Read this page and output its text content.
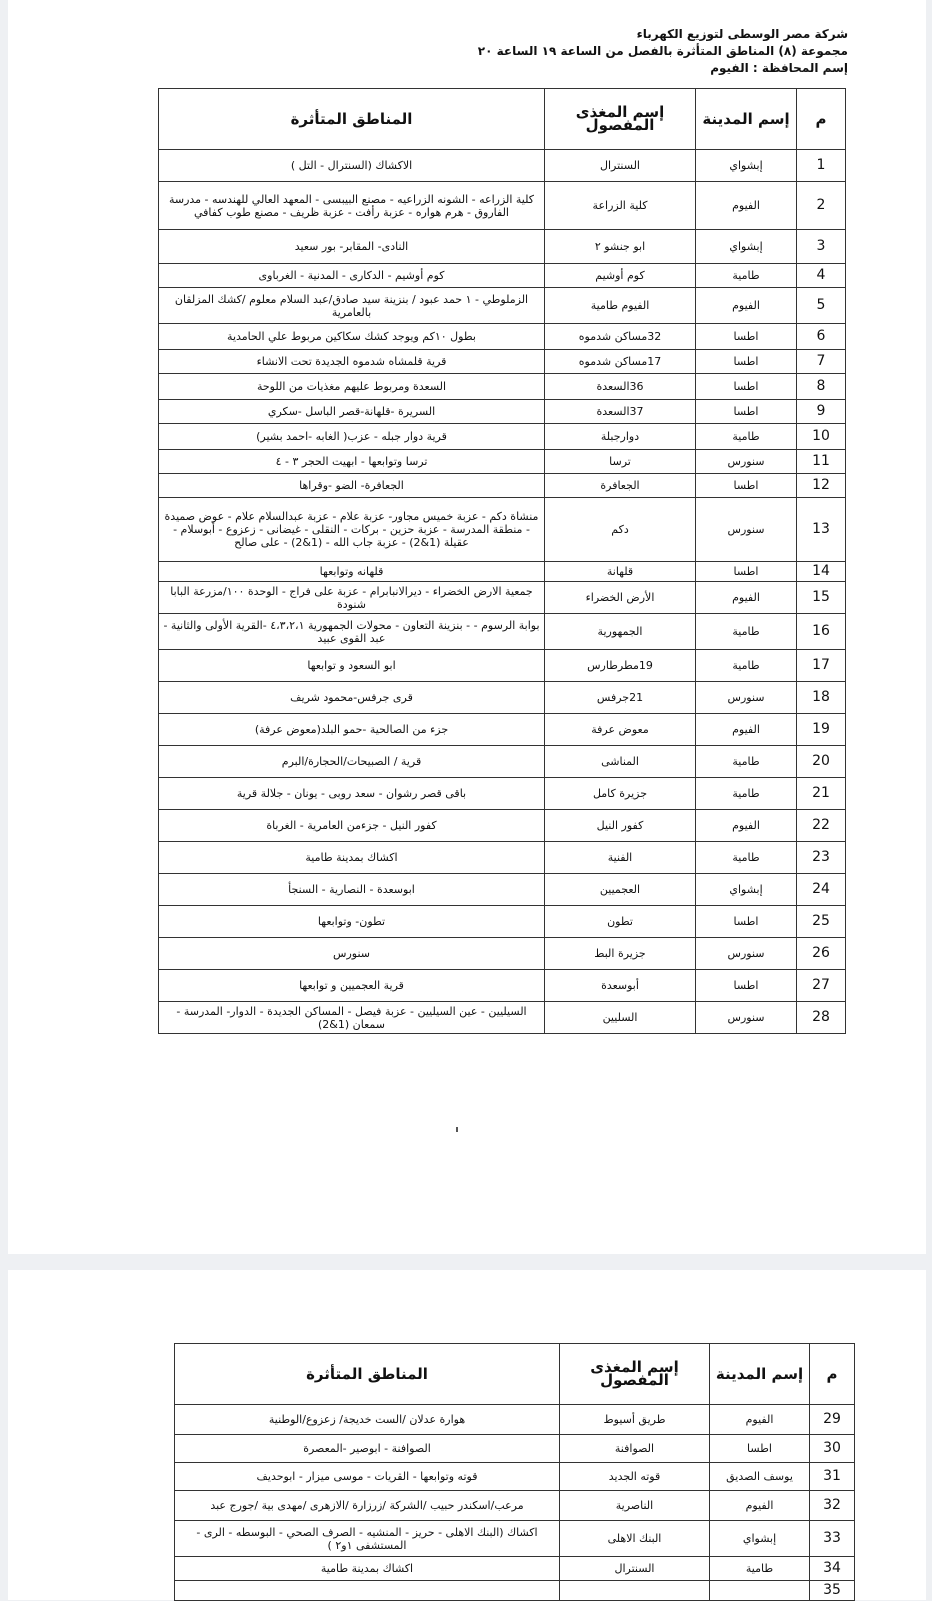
شركة مصر الوسطى لتوزيع الكهرباء
مجموعة (٨) المناطق المتأثرة بالفصل من الساعة ١٩ الساعة ٢٠
إسم المحافظة : الفيوم
م	إسم المدينة	إسم المغذى المفصول	المناطق المتأثرة
1	إبشواي	السنترال	الاكشاك (السنترال - التل )
2	الفيوم	كلية الزراعة	كلية الزراعه - الشونه الزراعيه - مصنع البيبسى - المعهد العالي للهندسه - مدرسة الفاروق - هرم هواره - عزبة رأفت - عزبة ظريف - مصنع طوب كفافي
3	إبشواي	ابو جنشو ٢	النادى- المقابر- بور سعيد
4	طامية	كوم أوشيم	كوم أوشيم - الدكارى - المدنية - الغرباوى
5	الفيوم	الفيوم طامية	الزملوطي - ١ حمد عبود / بنزينة سيد صادق/عبد السلام معلوم /كشك المزلقان بالعامرية
6	اطسا	32مساكن شدموه	بطول ١٠كم ويوجد كشك سكاكين مربوط علي الحامدية
7	اطسا	17مساكن شدموه	قرية قلمشاه شدموه الجديدة تحت الانشاء
8	اطسا	36السعدة	السعدة ومربوط عليهم مغذيات من اللوحة
9	اطسا	37السعدة	السريرة -قلهانة-قصر الباسل -سكري
10	طامية	دوارجبلة	قرية دوار جبله - عزب( الغابه -احمد بشير)
11	سنورس	ترسا	ترسا وتوابعها - ابهيت الحجر ٣ - ٤
12	اطسا	الجعافرة	الجعافرة- الضو -وقراها
13	سنورس	دكم	منشاة دكم - عزبة خميس مجاور- عزبة علام - عزبة عبدالسلام علام - عوض صميدة - منطقة المدرسة - عزبة حزين - بركات - النقلى - غيضانى - زعزوع - أبوسلام - عقيلة (1&2) - عزبة جاب الله - (1&2) - على صالح
14	اطسا	قلهانة	قلهانه وتوابعها
15	الفيوم	الأرض الخضراء	جمعية الارض الخضراء - ديرالانبابرام - عزبة على فراج - الوحدة ١٠٠/مزرعة البابا شنودة
16	طامية	الجمهورية	بوابة الرسوم - - بنزينة التعاون - محولات الجمهورية ٤،٣،٢،١ -القرية الأولى والثانية - عبد القوى عبيد
17	طامية	19مطرطارس	ابو السعود و توابعها
18	سنورس	21جرفس	قرى جرفس-محمود شريف
19	الفيوم	معوض عرفة	جزء من الصالحية -حمو البلد(معوض عرفة)
20	طامية	المناشى	قرية / الصبيحات/الحجارة/البرم
21	طامية	جزيرة كامل	باقى قصر رشوان - سعد روبى - يونان - جلالة قرية
22	الفيوم	كفور النيل	كفور النيل - جزءمن العامرية - الغرباة
23	طامية	الفنية	اكشاك بمدينة طامية
24	إبشواي	العجميين	ابوسعدة - النصارية - السنجأ
25	اطسا	تطون	تطون- وتوابعها
26	سنورس	جزيرة البط	سنورس
27	اطسا	أبوسعدة	قرية العجميين و توابعها
28	سنورس	السليين	السيليين - عين السيليين - عزبة فيصل - المساكن الجديدة - الدوار- المدرسة - سمعان (1&2)
م	إسم المدينة	إسم المغذى المفصول	المناطق المتأثرة
29	الفيوم	طريق أسيوط	هوارة عدلان /الست خديجة/ زعزوع/الوطنية
30	اطسا	الصوافنة	الصوافنة - ابوصير -المعصرة
31	يوسف الصديق	قوته الجديد	قوته وتوابعها - القريات - موسى ميزار - ابوحديف
32	الفيوم	الناصرية	مرعب/اسكندر حبيب /الشركة /زرزارة /الازهرى /مهدى بية /جورج عبد
33	إبشواي	البنك الاهلى	اكشاك (البنك الاهلى - حريز - المنشيه - الصرف الصحي - البوسطه - الرى - المستشفى ١و٢ )
34	طامية	السنترال	اكشاك بمدينة طامية
35			
